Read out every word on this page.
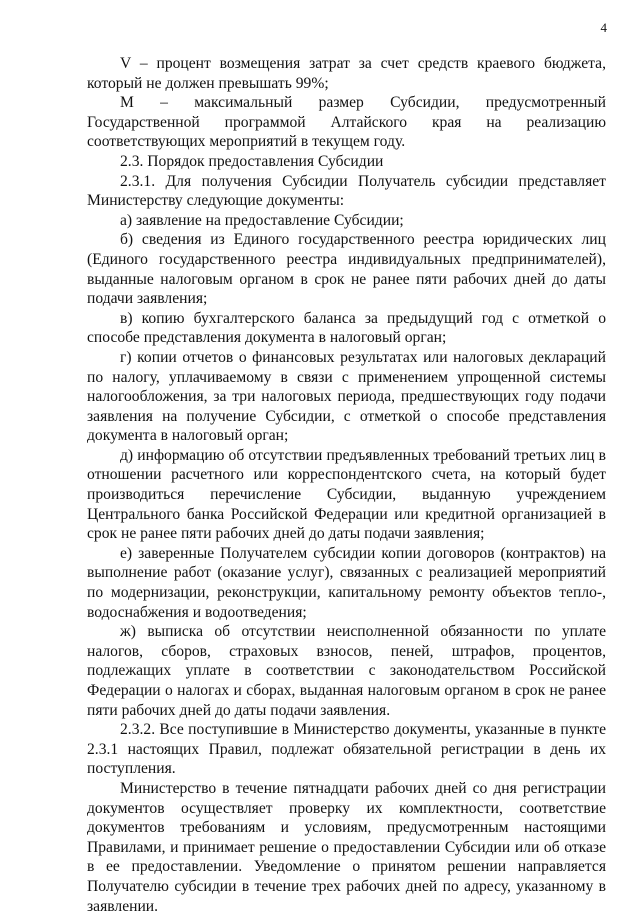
4

V – процент возмещения затрат за счет средств краевого бюджета, который не должен превышать 99%;

М – максимальный размер Субсидии, предусмотренный Государственной программой Алтайского края на реализацию соответствующих мероприятий в текущем году.

2.3. Порядок предоставления Субсидии

2.3.1. Для получения Субсидии Получатель субсидии представляет Министерству следующие документы:

а) заявление на предоставление Субсидии;

б) сведения из Единого государственного реестра юридических лиц (Единого государственного реестра индивидуальных предпринимателей), выданные налоговым органом в срок не ранее пяти рабочих дней до даты подачи заявления;

в) копию бухгалтерского баланса за предыдущий год с отметкой о способе представления документа в налоговый орган;

г) копии отчетов о финансовых результатах или налоговых деклараций по налогу, уплачиваемому в связи с применением упрощенной системы налогообложения, за три налоговых периода, предшествующих году подачи заявления на получение Субсидии, с отметкой о способе представления документа в налоговый орган;

д) информацию об отсутствии предъявленных требований третьих лиц в отношении расчетного или корреспондентского счета, на который будет производиться перечисление Субсидии, выданную учреждением Центрального банка Российской Федерации или кредитной организацией в срок не ранее пяти рабочих дней до даты подачи заявления;

е) заверенные Получателем субсидии копии договоров (контрактов) на выполнение работ (оказание услуг), связанных с реализацией мероприятий по модернизации, реконструкции, капитальному ремонту объектов тепло-, водоснабжения и водоотведения;

ж) выписка об отсутствии неисполненной обязанности по уплате налогов, сборов, страховых взносов, пеней, штрафов, процентов, подлежащих уплате в соответствии с законодательством Российской Федерации о налогах и сборах, выданная налоговым органом в срок не ранее пяти рабочих дней до даты подачи заявления.

2.3.2. Все поступившие в Министерство документы, указанные в пункте 2.3.1 настоящих Правил, подлежат обязательной регистрации в день их поступления.

Министерство в течение пятнадцати рабочих дней со дня регистрации документов осуществляет проверку их комплектности, соответствие документов требованиям и условиям, предусмотренным настоящими Правилами, и принимает решение о предоставлении Субсидии или об отказе в ее предоставлении. Уведомление о принятом решении направляется Получателю субсидии в течение трех рабочих дней по адресу, указанному в заявлении.
